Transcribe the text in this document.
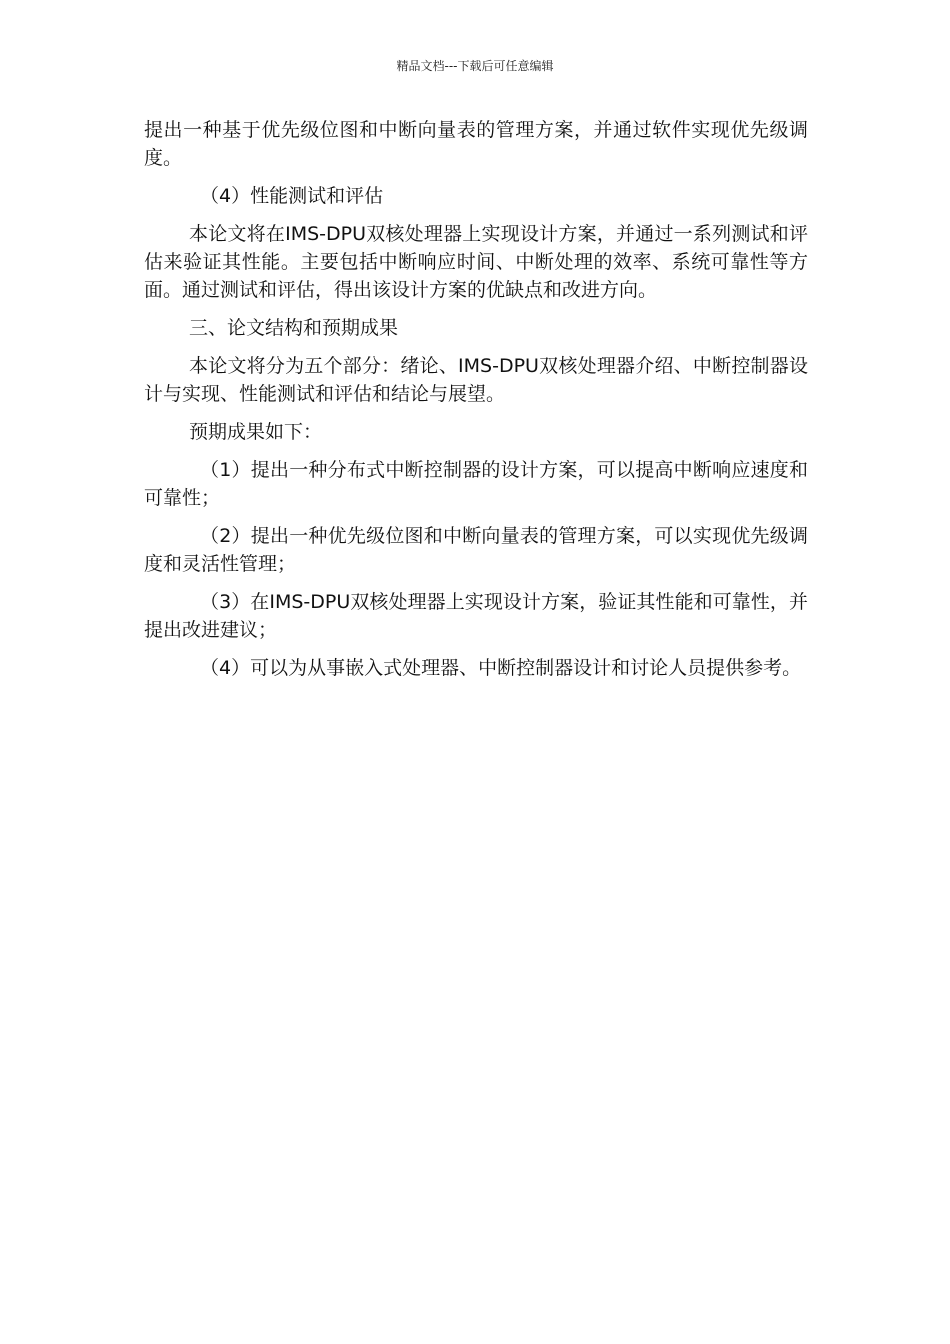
精品文档---下载后可任意编辑

提出一种基于优先级位图和中断向量表的管理方案，并通过软件实现优先级调度。

（4）性能测试和评估

本论文将在IMS-DPU双核处理器上实现设计方案，并通过一系列测试和评估来验证其性能。主要包括中断响应时间、中断处理的效率、系统可靠性等方面。通过测试和评估，得出该设计方案的优缺点和改进方向。

三、论文结构和预期成果

本论文将分为五个部分：绪论、IMS-DPU双核处理器介绍、中断控制器设计与实现、性能测试和评估和结论与展望。

预期成果如下：

（1）提出一种分布式中断控制器的设计方案，可以提高中断响应速度和可靠性；

（2）提出一种优先级位图和中断向量表的管理方案，可以实现优先级调度和灵活性管理；

（3）在IMS-DPU双核处理器上实现设计方案，验证其性能和可靠性，并提出改进建议；

（4）可以为从事嵌入式处理器、中断控制器设计和讨论人员提供参考。
